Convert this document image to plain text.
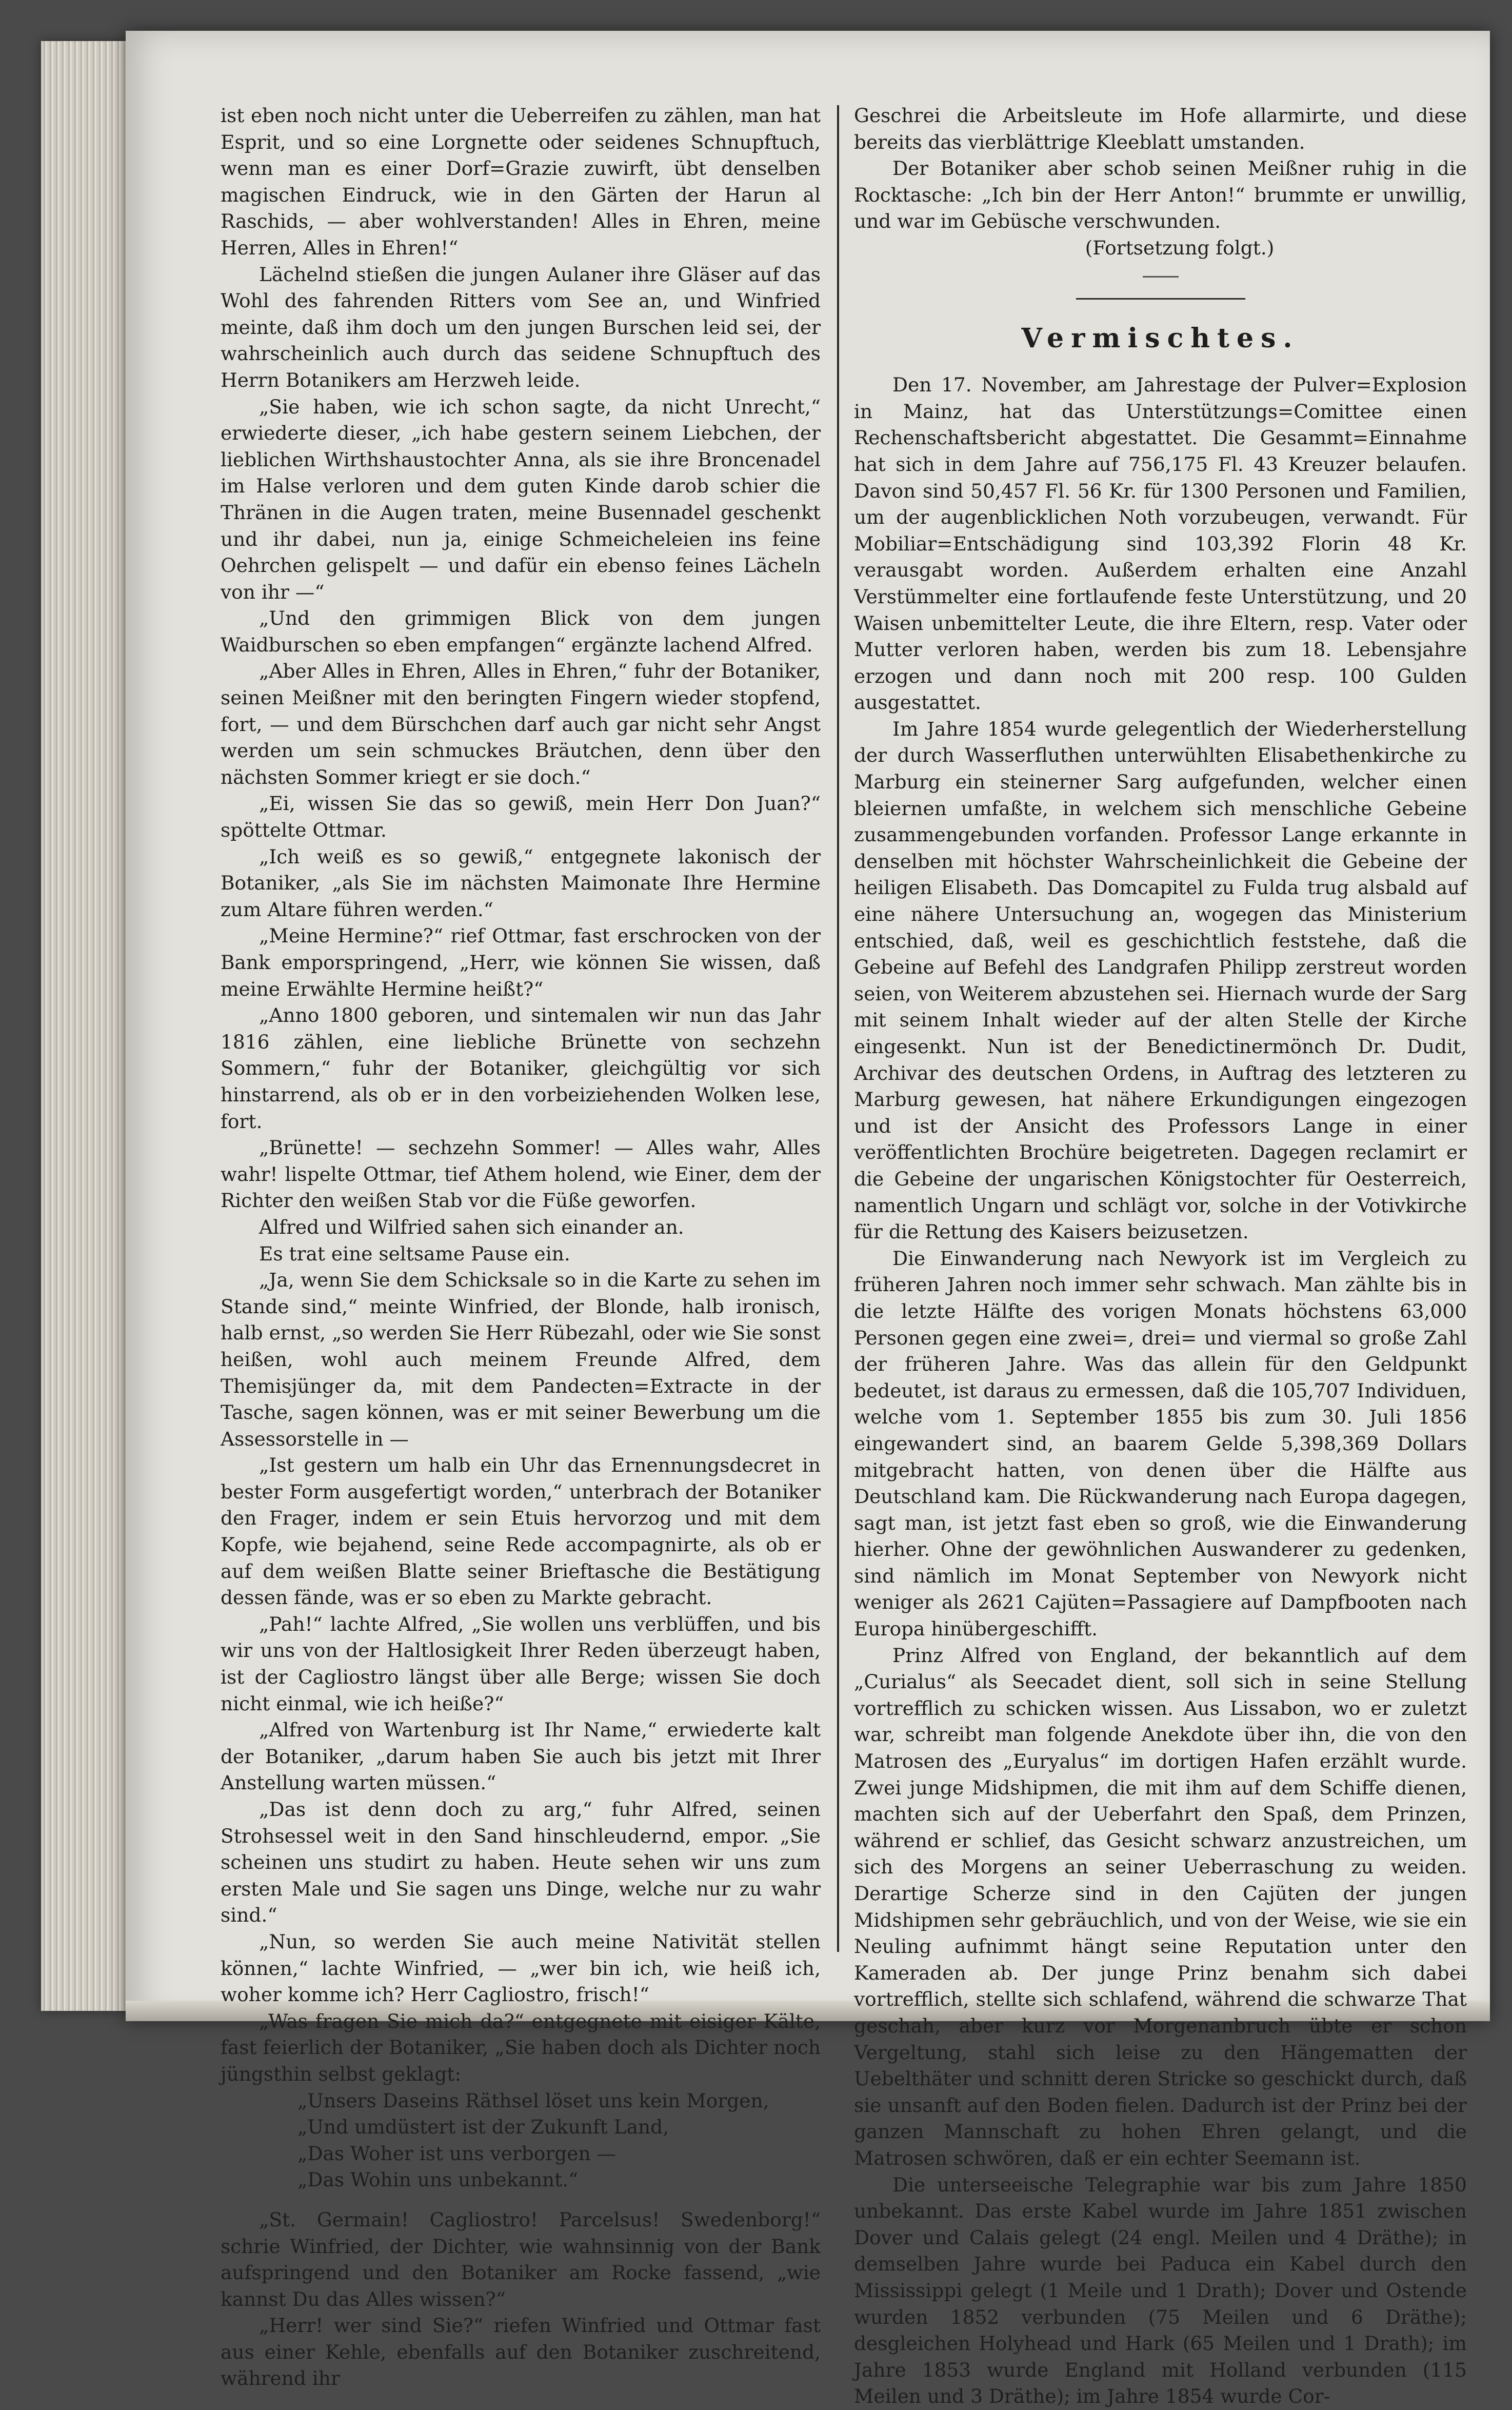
ist eben noch nicht unter die Ueberreifen zu zählen, man hat Esprit, und so eine Lorgnette oder seidenes Schnupftuch, wenn man es einer Dorf=Grazie zuwirft, übt denselben magischen Eindruck, wie in den Gärten der Harun al Raschids, — aber wohlverstanden! Alles in Ehren, meine Herren, Alles in Ehren!“

Lächelnd stießen die jungen Aulaner ihre Gläser auf das Wohl des fahrenden Ritters vom See an, und Winfried meinte, daß ihm doch um den jungen Burschen leid sei, der wahrscheinlich auch durch das seidene Schnupftuch des Herrn Botanikers am Herzweh leide.

„Sie haben, wie ich schon sagte, da nicht Unrecht,“ erwiederte dieser, „ich habe gestern seinem Liebchen, der lieblichen Wirthshaustochter Anna, als sie ihre Broncenadel im Halse verloren und dem guten Kinde darob schier die Thränen in die Augen traten, meine Busennadel geschenkt und ihr dabei, nun ja, einige Schmeicheleien ins feine Oehrchen gelispelt — und dafür ein ebenso feines Lächeln von ihr —“

„Und den grimmigen Blick von dem jungen Waidburschen so eben empfangen“ ergänzte lachend Alfred.

„Aber Alles in Ehren, Alles in Ehren,“ fuhr der Botaniker, seinen Meißner mit den beringten Fingern wieder stopfend, fort, — und dem Bürschchen darf auch gar nicht sehr Angst werden um sein schmuckes Bräutchen, denn über den nächsten Sommer kriegt er sie doch.“

„Ei, wissen Sie das so gewiß, mein Herr Don Juan?“ spöttelte Ottmar.

„Ich weiß es so gewiß,“ entgegnete lakonisch der Botaniker, „als Sie im nächsten Maimonate Ihre Hermine zum Altare führen werden.“

„Meine Hermine?“ rief Ottmar, fast erschrocken von der Bank emporspringend, „Herr, wie können Sie wissen, daß meine Erwählte Hermine heißt?“

„Anno 1800 geboren, und sintemalen wir nun das Jahr 1816 zählen, eine liebliche Brünette von sechzehn Sommern,“ fuhr der Botaniker, gleichgültig vor sich hinstarrend, als ob er in den vorbeiziehenden Wolken lese, fort.

„Brünette! — sechzehn Sommer! — Alles wahr, Alles wahr! lispelte Ottmar, tief Athem holend, wie Einer, dem der Richter den weißen Stab vor die Füße geworfen.

Alfred und Wilfried sahen sich einander an.

Es trat eine seltsame Pause ein.

„Ja, wenn Sie dem Schicksale so in die Karte zu sehen im Stande sind,“ meinte Winfried, der Blonde, halb ironisch, halb ernst, „so werden Sie Herr Rübezahl, oder wie Sie sonst heißen, wohl auch meinem Freunde Alfred, dem Themisjünger da, mit dem Pandecten=Extracte in der Tasche, sagen können, was er mit seiner Bewerbung um die Assessorstelle in —

„Ist gestern um halb ein Uhr das Ernennungsdecret in bester Form ausgefertigt worden,“ unterbrach der Botaniker den Frager, indem er sein Etuis hervorzog und mit dem Kopfe, wie bejahend, seine Rede accompagnirte, als ob er auf dem weißen Blatte seiner Brieftasche die Bestätigung dessen fände, was er so eben zu Markte gebracht.

„Pah!“ lachte Alfred, „Sie wollen uns verblüffen, und bis wir uns von der Haltlosigkeit Ihrer Reden überzeugt haben, ist der Cagliostro längst über alle Berge; wissen Sie doch nicht einmal, wie ich heiße?“

„Alfred von Wartenburg ist Ihr Name,“ erwiederte kalt der Botaniker, „darum haben Sie auch bis jetzt mit Ihrer Anstellung warten müssen.“

„Das ist denn doch zu arg,“ fuhr Alfred, seinen Strohsessel weit in den Sand hinschleudernd, empor. „Sie scheinen uns studirt zu haben. Heute sehen wir uns zum ersten Male und Sie sagen uns Dinge, welche nur zu wahr sind.“

„Nun, so werden Sie auch meine Nativität stellen können,“ lachte Winfried, — „wer bin ich, wie heiß ich, woher komme ich? Herr Cagliostro, frisch!“

„Was fragen Sie mich da?“ entgegnete mit eisiger Kälte, fast feierlich der Botaniker, „Sie haben doch als Dichter noch jüngsthin selbst geklagt:

„Unsers Daseins Räthsel löset uns kein Morgen,
„Und umdüstert ist der Zukunft Land,
„Das Woher ist uns verborgen —
„Das Wohin uns unbekannt.“

„St. Germain! Cagliostro! Parcelsus! Swedenborg!“ schrie Winfried, der Dichter, wie wahnsinnig von der Bank aufspringend und den Botaniker am Rocke fassend, „wie kannst Du das Alles wissen?“

„Herr! wer sind Sie?“ riefen Winfried und Ottmar fast aus einer Kehle, ebenfalls auf den Botaniker zuschreitend, während ihr

Geschrei die Arbeitsleute im Hofe allarmirte, und diese bereits das vierblättrige Kleeblatt umstanden.

Der Botaniker aber schob seinen Meißner ruhig in die Rocktasche: „Ich bin der Herr Anton!“ brummte er unwillig, und war im Gebüsche verschwunden.

(Fortsetzung folgt.)

Vermischtes.

Den 17. November, am Jahrestage der Pulver=Explosion in Mainz, hat das Unterstützungs=Comittee einen Rechenschaftsbericht abgestattet. Die Gesammt=Einnahme hat sich in dem Jahre auf 756,175 Fl. 43 Kreuzer belaufen. Davon sind 50,457 Fl. 56 Kr. für 1300 Personen und Familien, um der augenblicklichen Noth vorzubeugen, verwandt. Für Mobiliar=Entschädigung sind 103,392 Florin 48 Kr. verausgabt worden. Außerdem erhalten eine Anzahl Verstümmelter eine fortlaufende feste Unterstützung, und 20 Waisen unbemittelter Leute, die ihre Eltern, resp. Vater oder Mutter verloren haben, werden bis zum 18. Lebensjahre erzogen und dann noch mit 200 resp. 100 Gulden ausgestattet.

Im Jahre 1854 wurde gelegentlich der Wiederherstellung der durch Wasserfluthen unterwühlten Elisabethenkirche zu Marburg ein steinerner Sarg aufgefunden, welcher einen bleiernen umfaßte, in welchem sich menschliche Gebeine zusammengebunden vorfanden. Professor Lange erkannte in denselben mit höchster Wahrscheinlichkeit die Gebeine der heiligen Elisabeth. Das Domcapitel zu Fulda trug alsbald auf eine nähere Untersuchung an, wogegen das Ministerium entschied, daß, weil es geschichtlich feststehe, daß die Gebeine auf Befehl des Landgrafen Philipp zerstreut worden seien, von Weiterem abzustehen sei. Hiernach wurde der Sarg mit seinem Inhalt wieder auf der alten Stelle der Kirche eingesenkt. Nun ist der Benedictinermönch Dr. Dudit, Archivar des deutschen Ordens, in Auftrag des letzteren zu Marburg gewesen, hat nähere Erkundigungen eingezogen und ist der Ansicht des Professors Lange in einer veröffentlichten Brochüre beigetreten. Dagegen reclamirt er die Gebeine der ungarischen Königstochter für Oesterreich, namentlich Ungarn und schlägt vor, solche in der Votivkirche für die Rettung des Kaisers beizusetzen.

Die Einwanderung nach Newyork ist im Vergleich zu früheren Jahren noch immer sehr schwach. Man zählte bis in die letzte Hälfte des vorigen Monats höchstens 63,000 Personen gegen eine zwei=, drei= und viermal so große Zahl der früheren Jahre. Was das allein für den Geldpunkt bedeutet, ist daraus zu ermessen, daß die 105,707 Individuen, welche vom 1. September 1855 bis zum 30. Juli 1856 eingewandert sind, an baarem Gelde 5,398,369 Dollars mitgebracht hatten, von denen über die Hälfte aus Deutschland kam. Die Rückwanderung nach Europa dagegen, sagt man, ist jetzt fast eben so groß, wie die Einwanderung hierher. Ohne der gewöhnlichen Auswanderer zu gedenken, sind nämlich im Monat September von Newyork nicht weniger als 2621 Cajüten=Passagiere auf Dampfbooten nach Europa hinübergeschifft.

Prinz Alfred von England, der bekanntlich auf dem „Curialus“ als Seecadet dient, soll sich in seine Stellung vortrefflich zu schicken wissen. Aus Lissabon, wo er zuletzt war, schreibt man folgende Anekdote über ihn, die von den Matrosen des „Euryalus“ im dortigen Hafen erzählt wurde. Zwei junge Midshipmen, die mit ihm auf dem Schiffe dienen, machten sich auf der Ueberfahrt den Spaß, dem Prinzen, während er schlief, das Gesicht schwarz anzustreichen, um sich des Morgens an seiner Ueberraschung zu weiden. Derartige Scherze sind in den Cajüten der jungen Midshipmen sehr gebräuchlich, und von der Weise, wie sie ein Neuling aufnimmt hängt seine Reputation unter den Kameraden ab. Der junge Prinz benahm sich dabei vortrefflich, stellte sich schlafend, während die schwarze That geschah, aber kurz vor Morgenanbruch übte er schon Vergeltung, stahl sich leise zu den Hängematten der Uebelthäter und schnitt deren Stricke so geschickt durch, daß sie unsanft auf den Boden fielen. Dadurch ist der Prinz bei der ganzen Mannschaft zu hohen Ehren gelangt, und die Matrosen schwören, daß er ein echter Seemann ist.

Die unterseeische Telegraphie war bis zum Jahre 1850 unbekannt. Das erste Kabel wurde im Jahre 1851 zwischen Dover und Calais gelegt (24 engl. Meilen und 4 Dräthe); in demselben Jahre wurde bei Paduca ein Kabel durch den Mississippi gelegt (1 Meile und 1 Drath); Dover und Ostende wurden 1852 verbunden (75 Meilen und 6 Dräthe); desgleichen Holyhead und Hark (65 Meilen und 1 Drath); im Jahre 1853 wurde England mit Holland verbunden (115 Meilen und 3 Dräthe); im Jahre 1854 wurde Cor-
